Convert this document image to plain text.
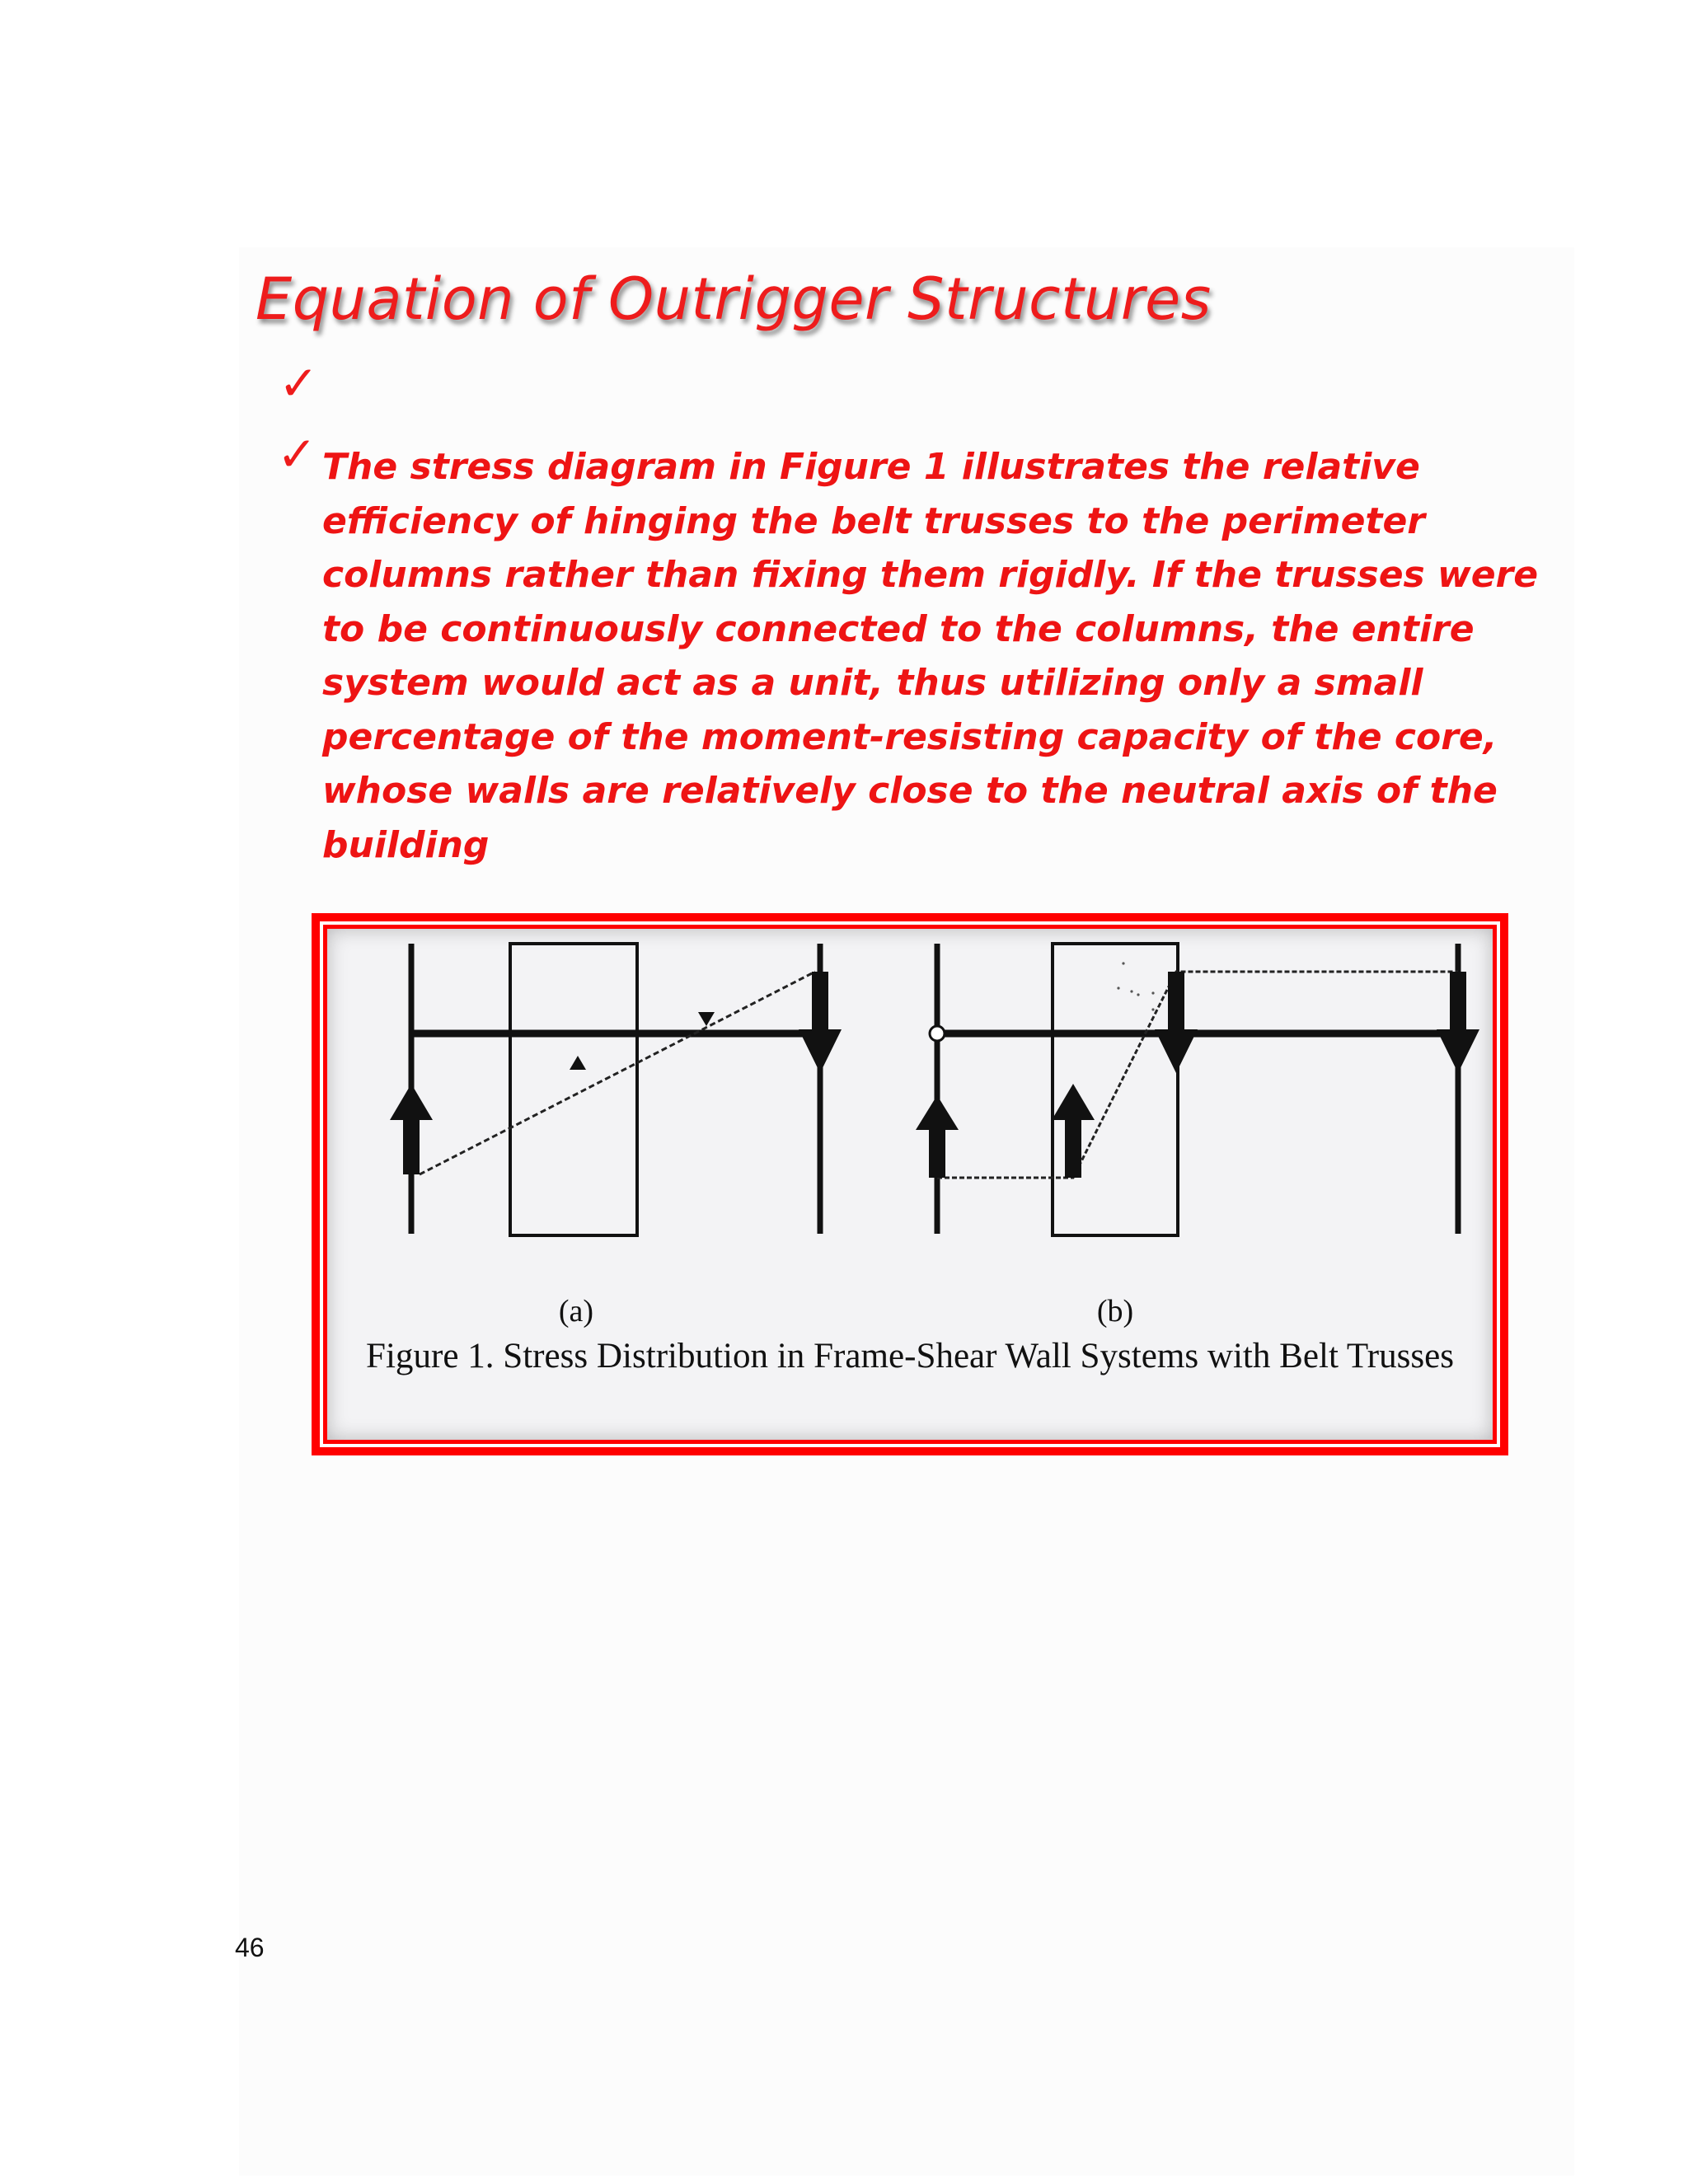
Equation of Outrigger Structures
✓
✓ The stress diagram in Figure 1 illustrates the relative
efficiency of hinging the belt trusses to the perimeter
columns rather than fixing them rigidly. If the trusses were
to be continuously connected to the columns, the entire
system would act as a unit, thus utilizing only a small
percentage of the moment-resisting capacity of the core,
whose walls are relatively close to the neutral axis of the
building
(a)	(b)
Figure 1. Stress Distribution in Frame-Shear Wall Systems with Belt Trusses
46
